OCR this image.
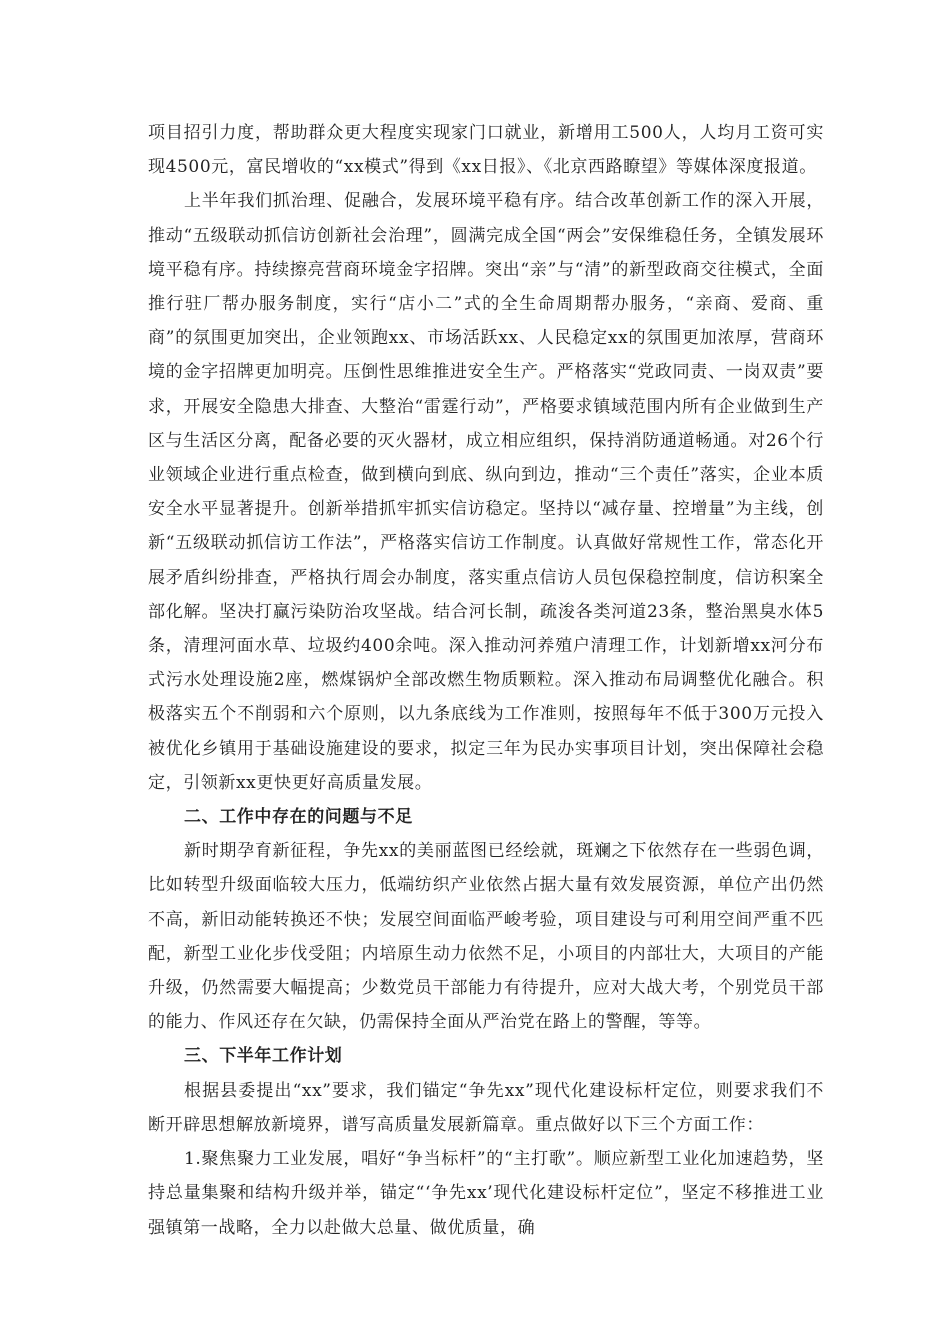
项目招引力度，帮助群众更大程度实现家门口就业，新增用工500人，人均月工资可实现4500元，富民增收的“xx模式”得到《xx日报》、《北京西路瞭望》等媒体深度报道。

上半年我们抓治理、促融合，发展环境平稳有序。结合改革创新工作的深入开展，推动“五级联动抓信访创新社会治理”，圆满完成全国“两会”安保维稳任务，全镇发展环境平稳有序。持续擦亮营商环境金字招牌。突出“亲”与“清”的新型政商交往模式，全面推行驻厂帮办服务制度，实行“店小二”式的全生命周期帮办服务，“亲商、爱商、重商”的氛围更加突出，企业领跑xx、市场活跃xx、人民稳定xx的氛围更加浓厚，营商环境的金字招牌更加明亮。压倒性思维推进安全生产。严格落实“党政同责、一岗双责”要求，开展安全隐患大排查、大整治“雷霆行动”，严格要求镇域范围内所有企业做到生产区与生活区分离，配备必要的灭火器材，成立相应组织，保持消防通道畅通。对26个行业领域企业进行重点检查，做到横向到底、纵向到边，推动“三个责任”落实，企业本质安全水平显著提升。创新举措抓牢抓实信访稳定。坚持以“减存量、控增量”为主线，创新“五级联动抓信访工作法”，严格落实信访工作制度。认真做好常规性工作，常态化开展矛盾纠纷排查，严格执行周会办制度，落实重点信访人员包保稳控制度，信访积案全部化解。坚决打赢污染防治攻坚战。结合河长制，疏浚各类河道23条，整治黑臭水体5条，清理河面水草、垃圾约400余吨。深入推动河养殖户清理工作，计划新增xx河分布式污水处理设施2座，燃煤锅炉全部改燃生物质颗粒。深入推动布局调整优化融合。积极落实五个不削弱和六个原则，以九条底线为工作准则，按照每年不低于300万元投入被优化乡镇用于基础设施建设的要求，拟定三年为民办实事项目计划，突出保障社会稳定，引领新xx更快更好高质量发展。

二、工作中存在的问题与不足

新时期孕育新征程，争先xx的美丽蓝图已经绘就，斑斓之下依然存在一些弱色调，比如转型升级面临较大压力，低端纺织产业依然占据大量有效发展资源，单位产出仍然不高，新旧动能转换还不快；发展空间面临严峻考验，项目建设与可利用空间严重不匹配，新型工业化步伐受阻；内培原生动力依然不足，小项目的内部壮大，大项目的产能升级，仍然需要大幅提高；少数党员干部能力有待提升，应对大战大考，个别党员干部的能力、作风还存在欠缺，仍需保持全面从严治党在路上的警醒，等等。

三、下半年工作计划

根据县委提出“xx”要求，我们锚定“争先xx”现代化建设标杆定位，则要求我们不断开辟思想解放新境界，谱写高质量发展新篇章。重点做好以下三个方面工作：

1.聚焦聚力工业发展，唱好“争当标杆”的“主打歌”。顺应新型工业化加速趋势，坚持总量集聚和结构升级并举，锚定“‘争先xx’现代化建设标杆定位”，坚定不移推进工业强镇第一战略，全力以赴做大总量、做优质量，确
